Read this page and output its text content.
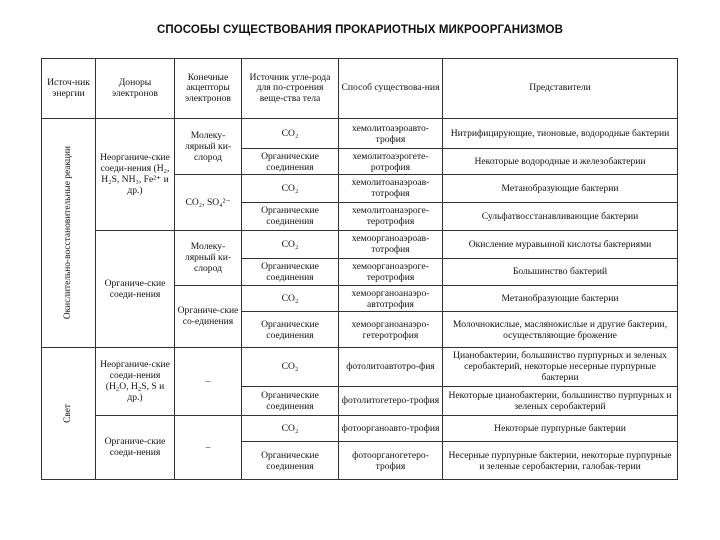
СПОСОБЫ СУЩЕСТВОВАНИЯ ПРОКАРИОТНЫХ МИКРООРГАНИЗМОВ
Источ-ник энергии	Доноры электронов	Конечные акцепторы электронов	Источник угле-рода для по-строения веще-ства тела	Способ существова-ния	Представители

Окислительно-восстановительные реакции	Неорганиче-ские соеди-нения (H₂, H₂S, NH₃, Fe²⁺ и др.)	Молеку-лярный ки-слород	CO₂	хемолитоаэроавто-трофия	Нитрифицирующие, тионовые, водородные бактерии
			Органические соединения	хемолитоаэрогете-ротрофия	Некоторые водородные и железобактерии
		CO₂, SO₄²⁻	CO₂	хемолитоанаэроав-тотрофия	Метанобразующие бактерии
			Органические соединения	хемолитоанаэрогe-теротрофия	Сульфатвосстанавливающие бактерии
	Органиче-ские соеди-нения	Молеку-лярный ки-слород	CO₂	хемоорганоаэроав-тотрофия	Окисление муравьиной кислоты бактериями
			Органические соединения	хемоорганоаэроге-теротрофия	Большинство бактерий
		Органиче-ские со-единения	CO₂	хемоорганоанаэро-автотрофия	Метанобразующие бактерии
			Органические соединения	хемоорганоанаэро-гетеротрофия	Молочнокислые, маслянокислые и другие бактерии, осуществляющие брожение

Свет	Неорганиче-ские соеди-нения (H₂O, H₂S, S и др.)	–	CO₂	фотолитоавтотро-фия	Цианобактерии, большинство пурпурных и зеленых серобактерий, некоторые несерные пурпурные бактерии
			Органические соединения	фотолитогетеро-трофия	Некоторые цианобактерии, большинство пурпурных и зеленых серобактерий
	Органиче-ские соеди-нения	–	CO₂	фотоорганоавто-трофия	Некоторые пурпурные бактерии
			Органические соединения	фотоорганогетеро-трофия	Несерные пурпурные бактерии, некоторые пурпурные и зеленые серобактерии, галобак-терии
